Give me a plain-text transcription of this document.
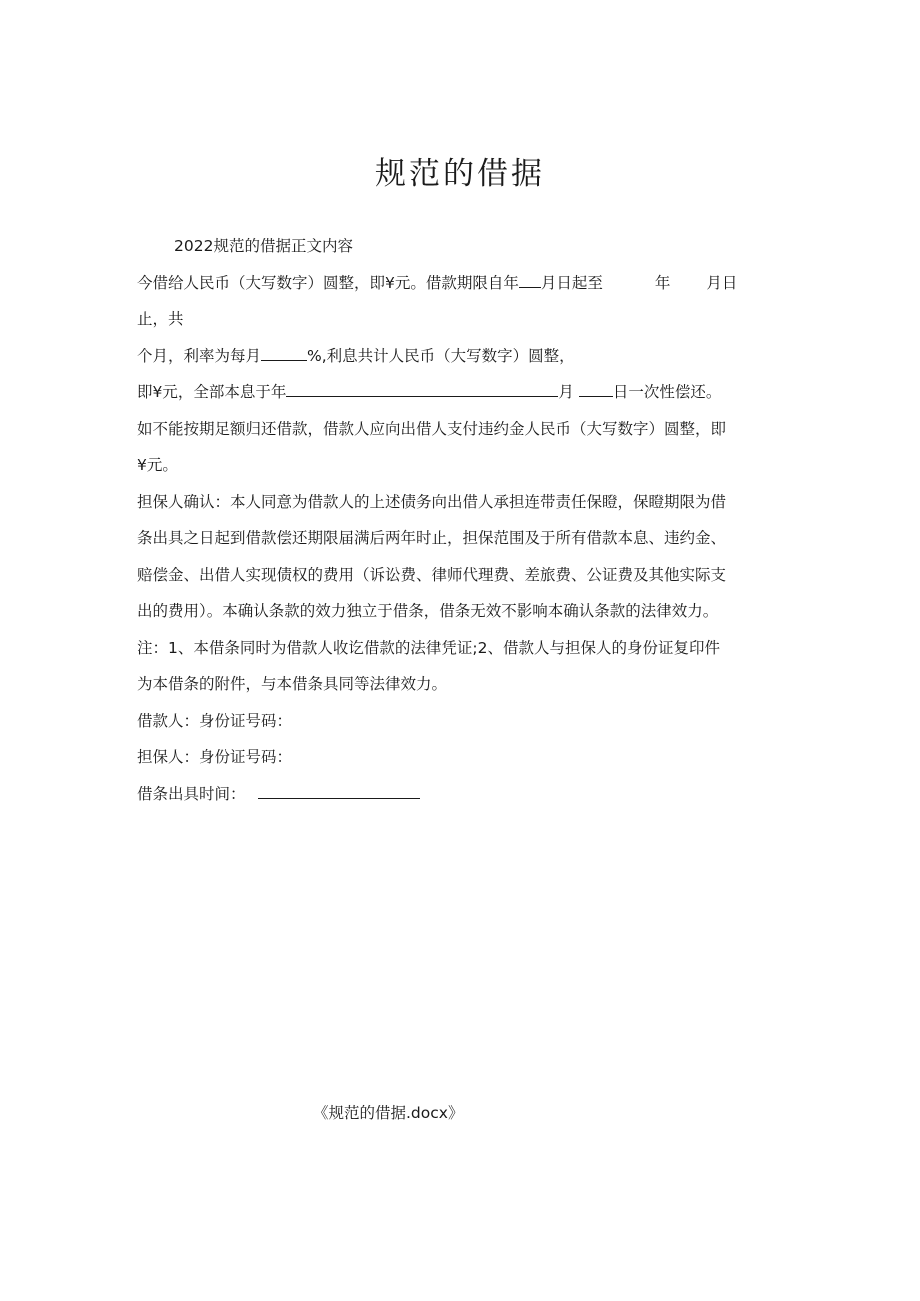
规范的借据

2022规范的借据正文内容

今借给人民币（大写数字）圆整，即¥元。借款期限自年 月日起至	年 月日

止，共

个月，利率为每月	%,利息共计人民币（大写数字）圆整，

即¥元，全部本息于年	月	日一次性偿还。

如不能按期足额归还借款，借款人应向出借人支付违约金人民币（大写数字）圆整，即

¥元。

担保人确认：本人同意为借款人的上述债务向出借人承担连带责任保瞪，保瞪期限为借

条出具之日起到借款偿还期限届满后两年时止，担保范围及于所有借款本息、违约金、

赔偿金、出借人实现债权的费用（诉讼费、律师代理费、差旅费、公证费及其他实际支

出的费用）。本确认条款的效力独立于借条，借条无效不影响本确认条款的法律效力。

注：1、本借条同时为借款人收讫借款的法律凭证;2、借款人与担保人的身份证复印件

为本借条的附件，与本借条具同等法律效力。

借款人：身份证号码：

担保人：身份证号码：

借条出具时间：

《规范的借据.docx》
